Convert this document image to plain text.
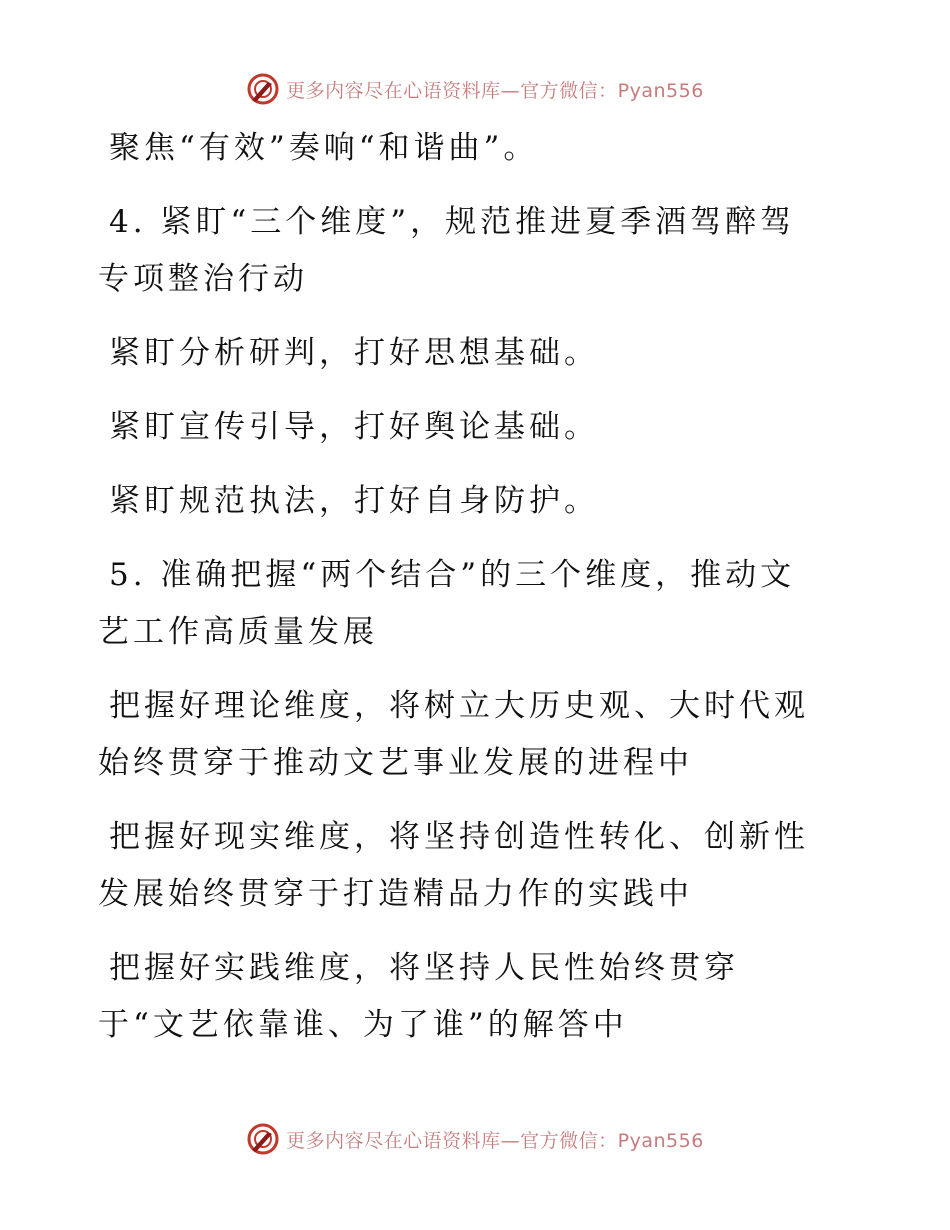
更多内容尽在心语资料库—官方微信：Pyan556

聚焦“有效”奏响“和谐曲”。

4. 紧盯“三个维度”，规范推进夏季酒驾醉驾专项整治行动

紧盯分析研判，打好思想基础。

紧盯宣传引导，打好舆论基础。

紧盯规范执法，打好自身防护。

5. 准确把握“两个结合”的三个维度，推动文艺工作高质量发展

把握好理论维度，将树立大历史观、大时代观始终贯穿于推动文艺事业发展的进程中

把握好现实维度，将坚持创造性转化、创新性发展始终贯穿于打造精品力作的实践中

把握好实践维度，将坚持人民性始终贯穿于“文艺依靠谁、为了谁”的解答中

更多内容尽在心语资料库—官方微信：Pyan556
